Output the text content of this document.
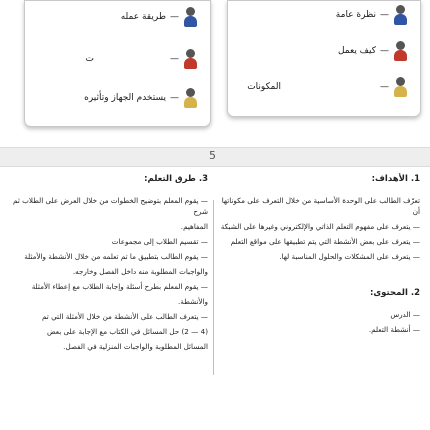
—
طريقة عمله
—
ت
—
يستخدم الجهاز وتأثيره
—
نظرة عامة
—
كيف يعمل
—
المكونات
5
1. الأهداف:
تعرّف الطالب على الوحدة الأساسية من خلال التعرف على مكوناتها أن
— يتعرف على مفهوم التعلم الذاتي والإلكتروني وغيرها على الشبكة
— يتعرف على بعض الأنشطة التي يتم تطبيقها على مواقع التعلم
— يتعرف على المشكلات والحلول المناسبة لها.
2. المحتوى:
— الدرس
— أنشطة التعلم.
3. طرق التعلم:
— يقوم المعلم بتوضيح الخطوات من خلال العرض على الطلاب ثم شرح
المفاهيم.
— تقسيم الطلاب إلى مجموعات
— يقوم الطالب بتطبيق ما تم تعلمه من خلال الأنشطة والأمثلة
والواجبات المطلوبة منه داخل الفصل وخارجه.
— يقوم المعلم بطرح أسئلة وإجابة الطلاب مع إعطاء الأمثلة
والأنشطة.
— يتعرف الطالب على الأنشطة من خلال الأمثلة التي تم
(4 — 2) حل المسائل في الكتاب مع الإجابة على بعض
المسائل المطلوبة والواجبات المنزلية في الفصل.
